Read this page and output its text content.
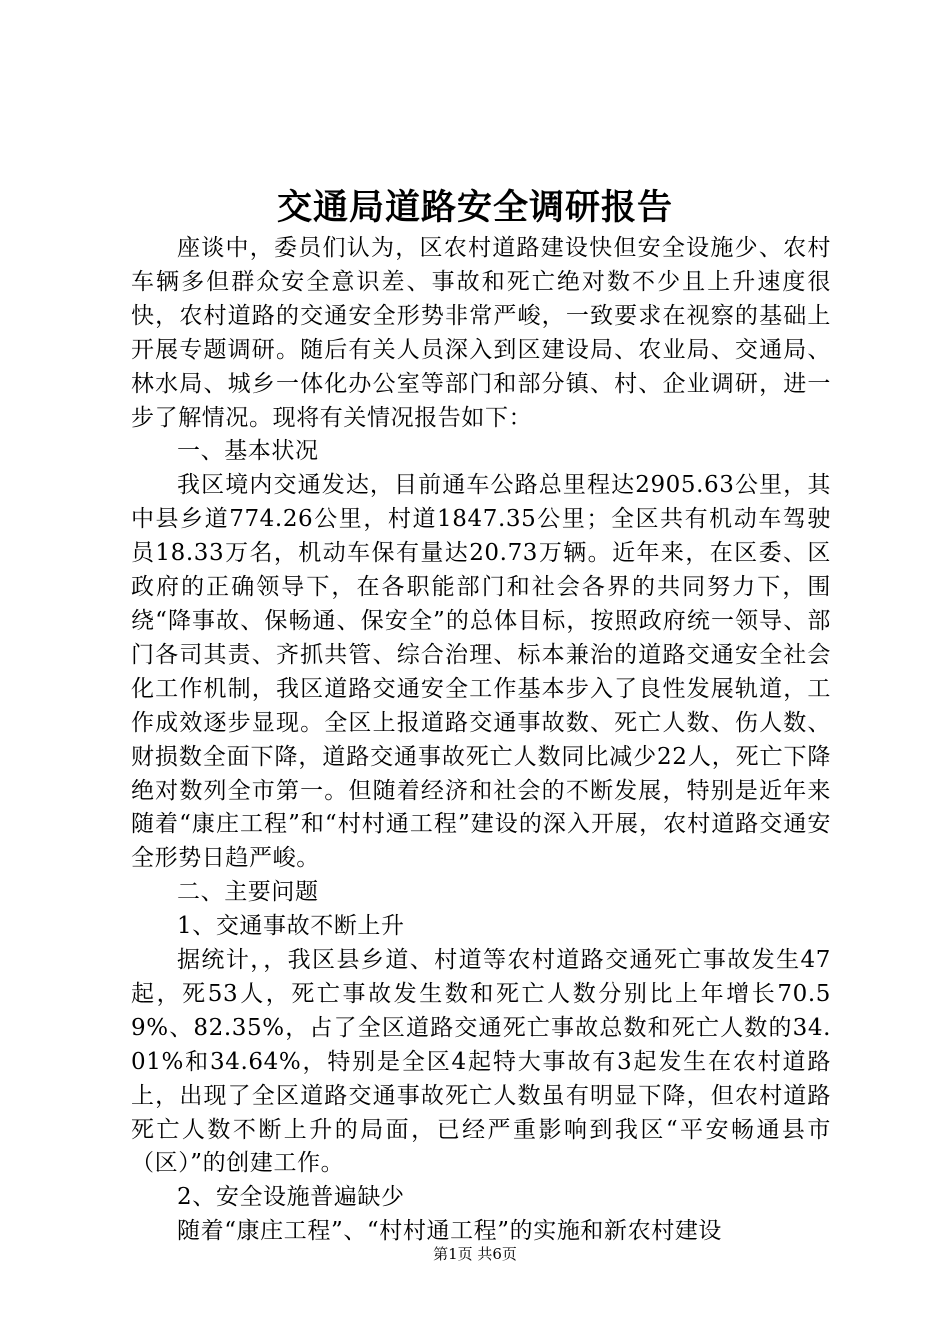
交通局道路安全调研报告

座谈中，委员们认为，区农村道路建设快但安全设施少、农村车辆多但群众安全意识差、事故和死亡绝对数不少且上升速度很快，农村道路的交通安全形势非常严峻，一致要求在视察的基础上开展专题调研。随后有关人员深入到区建设局、农业局、交通局、林水局、城乡一体化办公室等部门和部分镇、村、企业调研，进一步了解情况。现将有关情况报告如下：

一、基本状况

我区境内交通发达，目前通车公路总里程达2905.63公里，其中县乡道774.26公里，村道1847.35公里；全区共有机动车驾驶员18.33万名，机动车保有量达20.73万辆。近年来，在区委、区政府的正确领导下，在各职能部门和社会各界的共同努力下，围绕“降事故、保畅通、保安全”的总体目标，按照政府统一领导、部门各司其责、齐抓共管、综合治理、标本兼治的道路交通安全社会化工作机制，我区道路交通安全工作基本步入了良性发展轨道，工作成效逐步显现。全区上报道路交通事故数、死亡人数、伤人数、财损数全面下降，道路交通事故死亡人数同比减少22人，死亡下降绝对数列全市第一。但随着经济和社会的不断发展，特别是近年来随着“康庄工程”和“村村通工程”建设的深入开展，农村道路交通安全形势日趋严峻。

二、主要问题

1、交通事故不断上升

据统计，，我区县乡道、村道等农村道路交通死亡事故发生47起，死53人，死亡事故发生数和死亡人数分别比上年增长70.59%、82.35%，占了全区道路交通死亡事故总数和死亡人数的34.01%和34.64%，特别是全区4起特大事故有3起发生在农村道路上，出现了全区道路交通事故死亡人数虽有明显下降，但农村道路死亡人数不断上升的局面，已经严重影响到我区“平安畅通县市（区）”的创建工作。

2、安全设施普遍缺少

随着“康庄工程”、“村村通工程”的实施和新农村建设

第1页 共6页
